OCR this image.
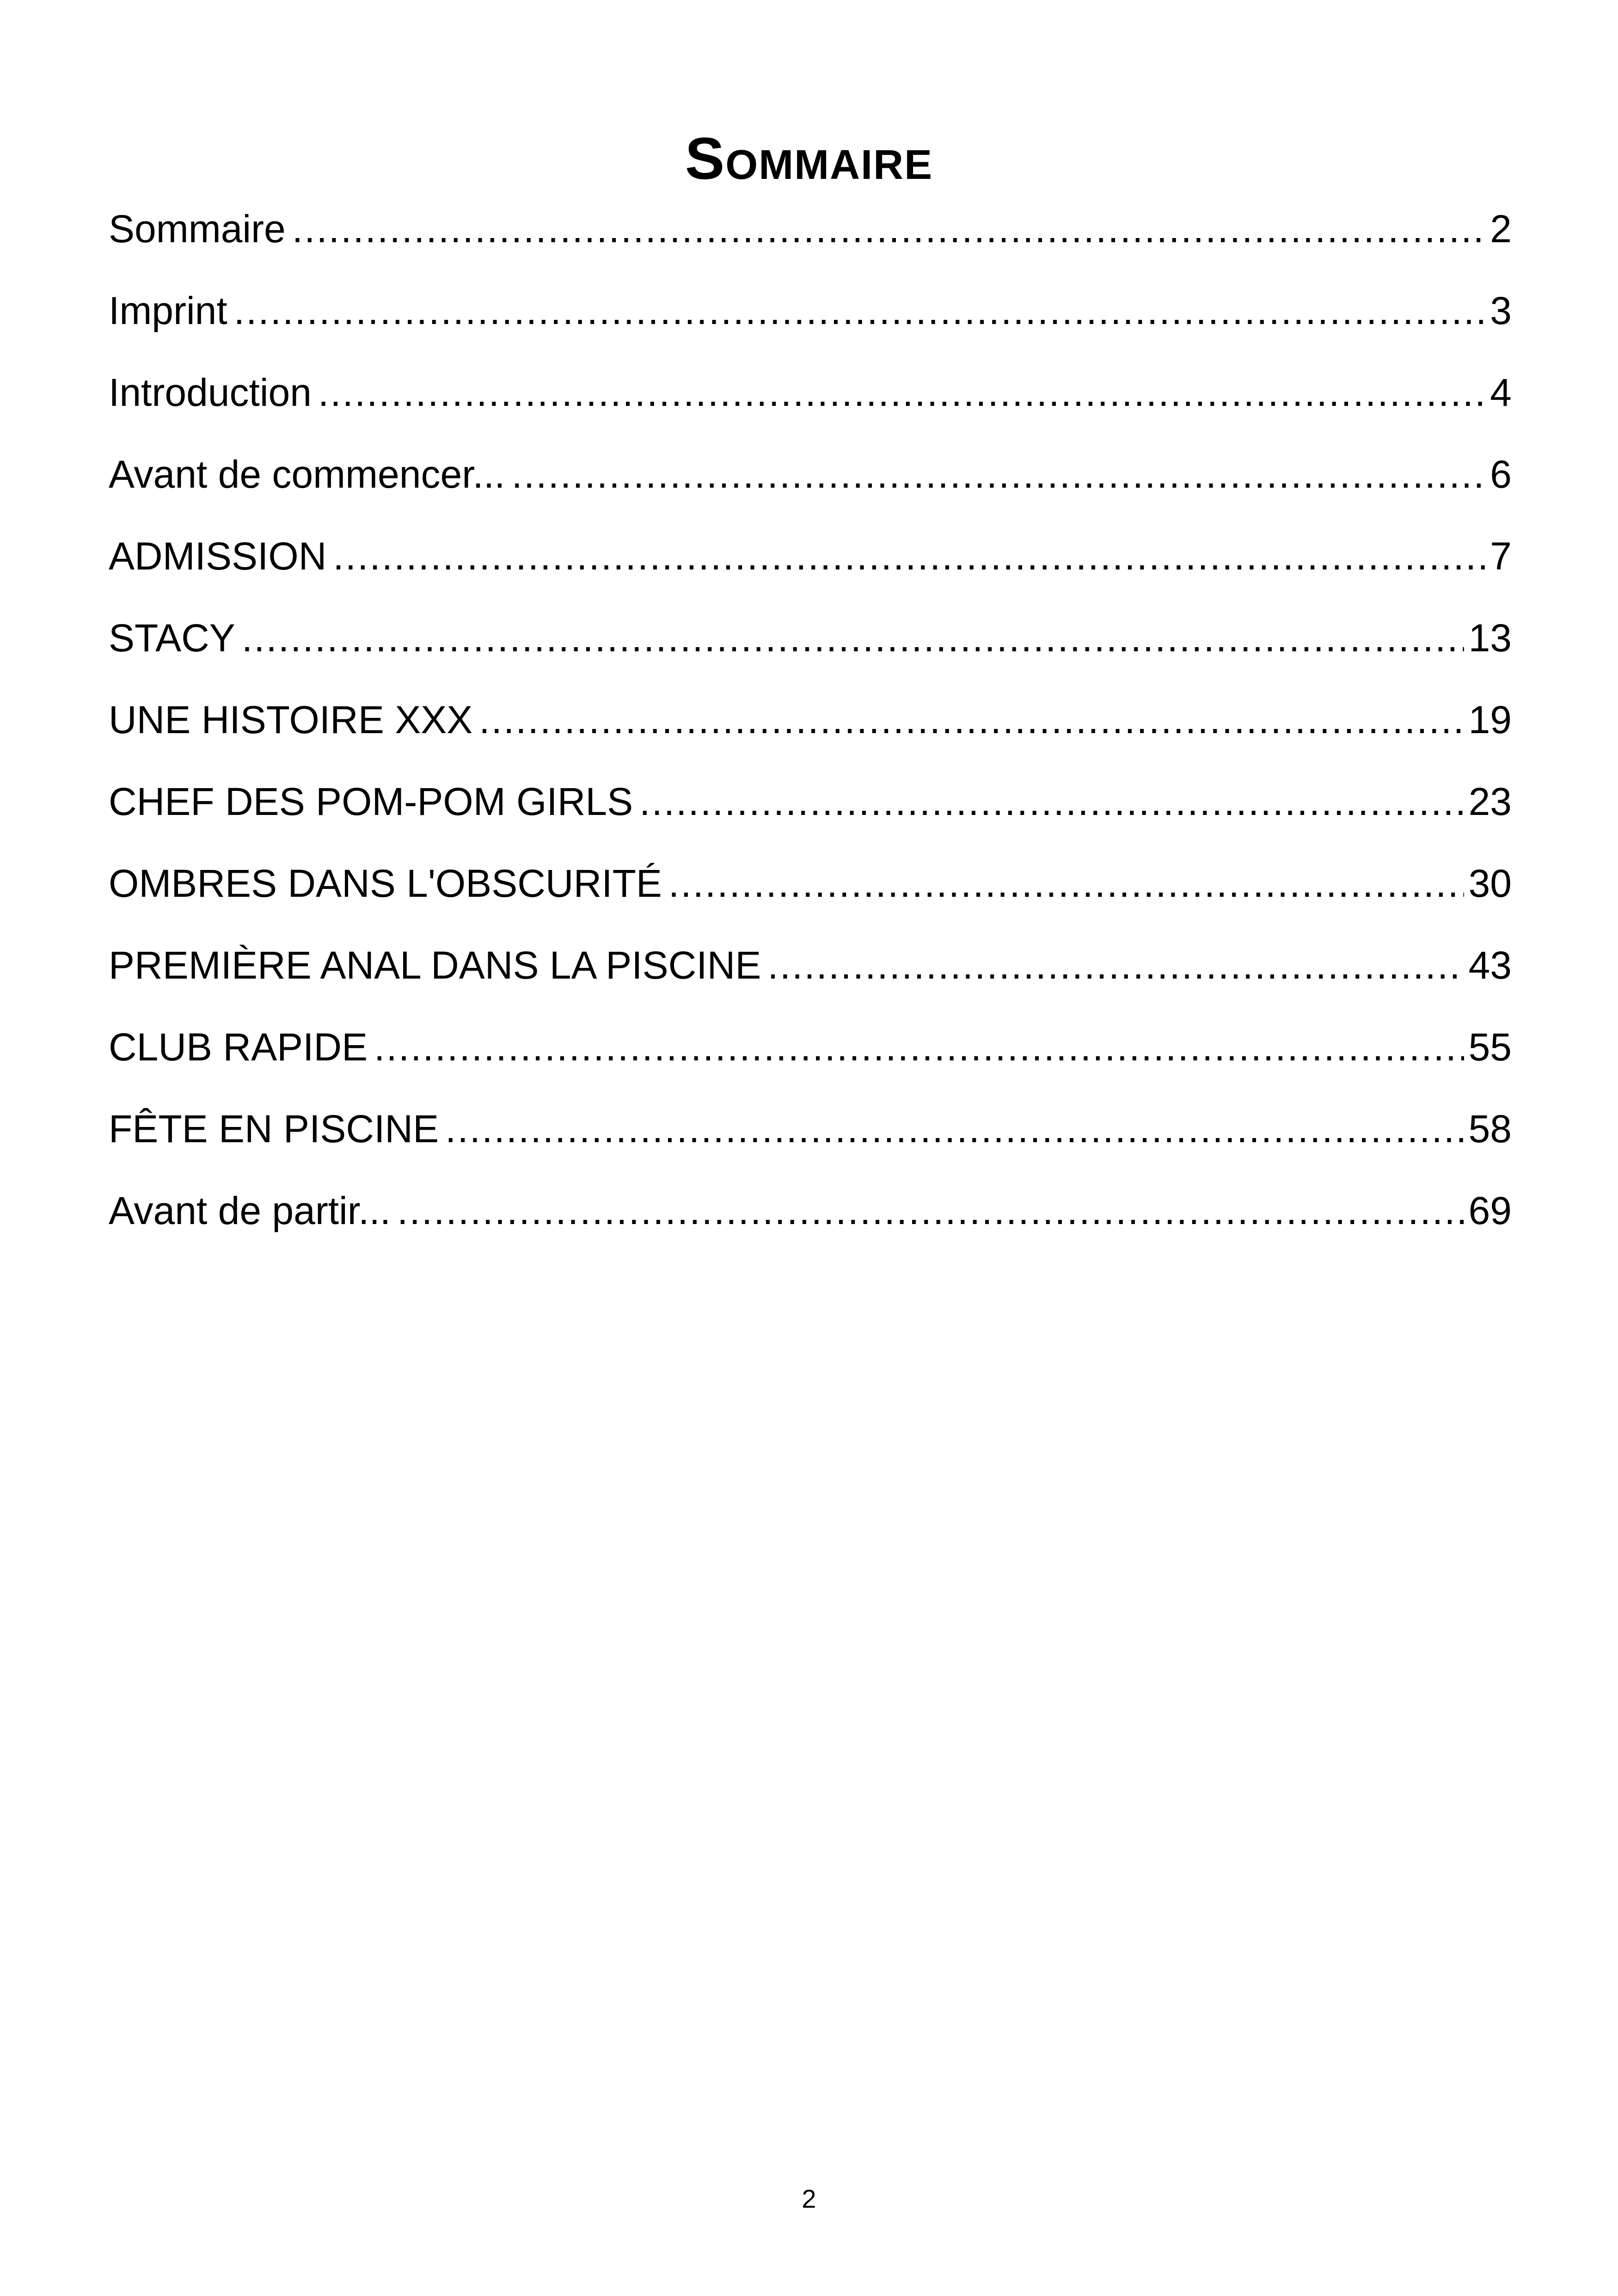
Sommaire
Sommaire .....	2
Imprint .....	3
Introduction .....	4
Avant de commencer... .....	6
ADMISSION .....	7
STACY .....	13
UNE HISTOIRE XXX .....	19
CHEF DES POM-POM GIRLS .....	23
OMBRES DANS L'OBSCURITÉ .....	30
PREMIÈRE ANAL DANS LA PISCINE .....	43
CLUB RAPIDE .....	55
FÊTE EN PISCINE .....	58
Avant de partir... .....	69
2
